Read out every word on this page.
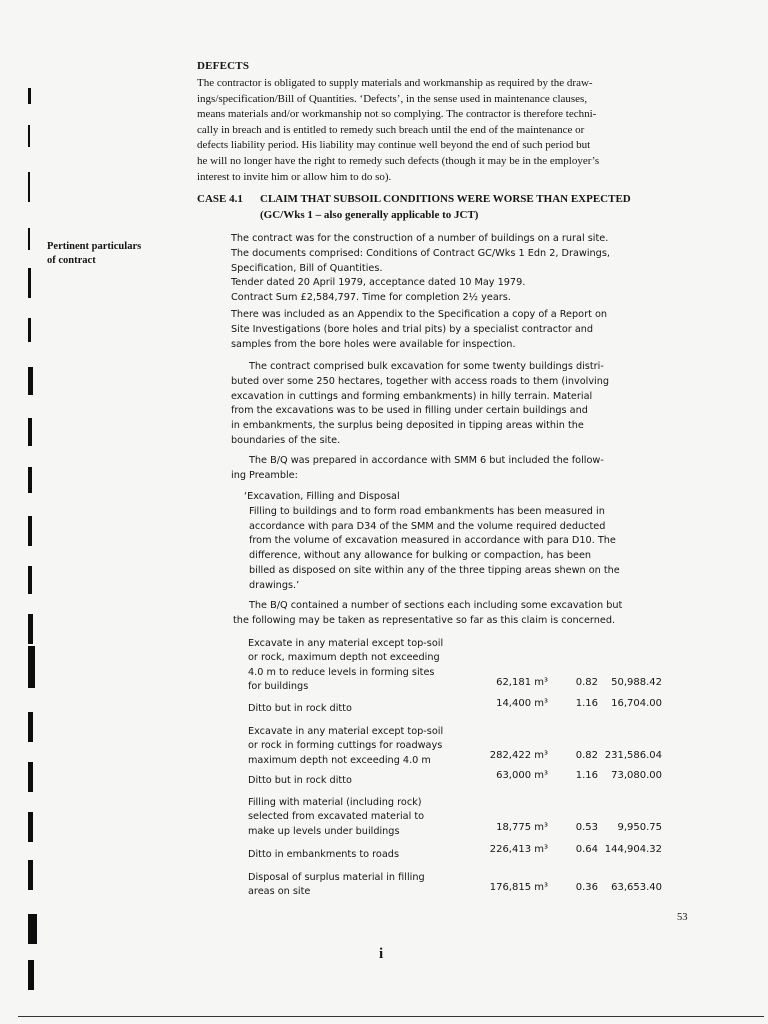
DEFECTS
The contractor is obligated to supply materials and workmanship as required by the draw-
ings/specification/Bill of Quantities. ‘Defects’, in the sense used in maintenance clauses,
means materials and/or workmanship not so complying. The contractor is therefore techni-
cally in breach and is entitled to remedy such breach until the end of the maintenance or
defects liability period. His liability may continue well beyond the end of such period but
he will no longer have the right to remedy such defects (though it may be in the employer’s
interest to invite him or allow him to do so).
CASE 4.1 CLAIM THAT SUBSOIL CONDITIONS WERE WORSE THAN EXPECTED
(GC/Wks 1 – also generally applicable to JCT)
Pertinent particulars
of contract

The contract was for the construction of a number of buildings on a rural site.

The documents comprised: Conditions of Contract GC/Wks 1 Edn 2, Drawings,

Specification, Bill of Quantities.

Tender dated 20 April 1979, acceptance dated 10 May 1979.

Contract Sum £2,584,797. Time for completion 2½ years.

There was included as an Appendix to the Specification a copy of a Report on

Site Investigations (bore holes and trial pits) by a specialist contractor and

samples from the bore holes were available for inspection.

The contract comprised bulk excavation for some twenty buildings distri-

buted over some 250 hectares, together with access roads to them (involving

excavation in cuttings and forming embankments) in hilly terrain. Material

from the excavations was to be used in filling under certain buildings and

in embankments, the surplus being deposited in tipping areas within the

boundaries of the site.

The B/Q was prepared in accordance with SMM 6 but included the follow-

ing Preamble:

‘Excavation, Filling and Disposal
Filling to buildings and to form road embankments has been measured in
accordance with para D34 of the SMM and the volume required deducted
from the volume of excavation measured in accordance with para D10. The
difference, without any allowance for bulking or compaction, has been
billed as disposed on site within any of the three tipping areas shewn on the
drawings.’

The B/Q contained a number of sections each including some excavation but

the following may be taken as representative so far as this claim is concerned.

Excavate in any material except top-soil
or rock, maximum depth not exceeding
4.0 m to reduce levels in forming sites
for buildings	62,181 m³	0.82	50,988.42
Ditto but in rock ditto	14,400 m³	1.16	16,704.00
Excavate in any material except top-soil
or rock in forming cuttings for roadways
maximum depth not exceeding 4.0 m	282,422 m³	0.82 231,586.04
Ditto but in rock ditto	63,000 m³	1.16	73,080.00
Filling with material (including rock)
selected from excavated material to
make up levels under buildings	18,775 m³	0.53	9,950.75
Ditto in embankments to roads	226,413 m³	0.64 144,904.32
Disposal of surplus material in filling
areas on site	176,815 m³	0.36	63,653.40
53
i
